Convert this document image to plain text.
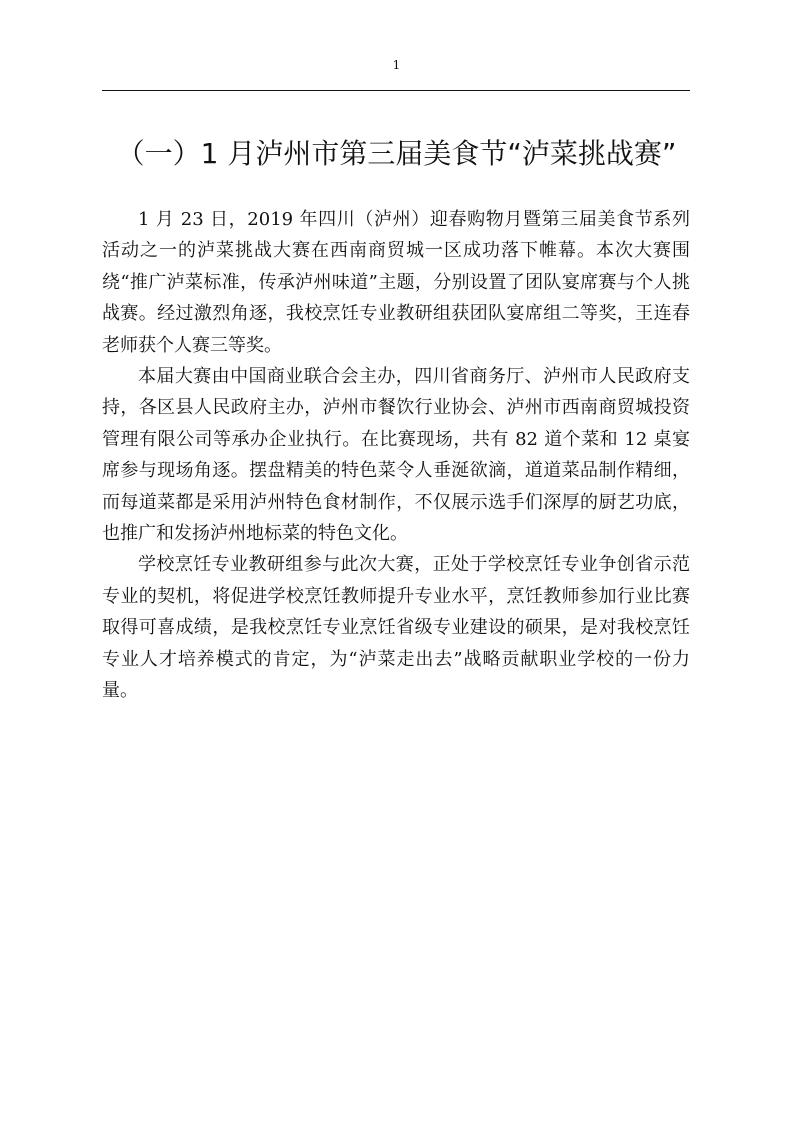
1
（一）1 月泸州市第三届美食节“泸菜挑战赛”

1 月 23 日，2019 年四川（泸州）迎春购物月暨第三届美食节系列活动之一的泸菜挑战大赛在西南商贸城一区成功落下帷幕。本次大赛围绕“推广泸菜标准，传承泸州味道”主题，分别设置了团队宴席赛与个人挑战赛。经过激烈角逐，我校烹饪专业教研组获团队宴席组二等奖，王连春老师获个人赛三等奖。

本届大赛由中国商业联合会主办，四川省商务厅、泸州市人民政府支持，各区县人民政府主办，泸州市餐饮行业协会、泸州市西南商贸城投资管理有限公司等承办企业执行。在比赛现场，共有 82 道个菜和 12 桌宴席参与现场角逐。摆盘精美的特色菜令人垂涎欲滴，道道菜品制作精细，而每道菜都是采用泸州特色食材制作，不仅展示选手们深厚的厨艺功底，也推广和发扬泸州地标菜的特色文化。

学校烹饪专业教研组参与此次大赛，正处于学校烹饪专业争创省示范专业的契机，将促进学校烹饪教师提升专业水平，烹饪教师参加行业比赛取得可喜成绩，是我校烹饪专业烹饪省级专业建设的硕果，是对我校烹饪专业人才培养模式的肯定，为“泸菜走出去”战略贡献职业学校的一份力量。
